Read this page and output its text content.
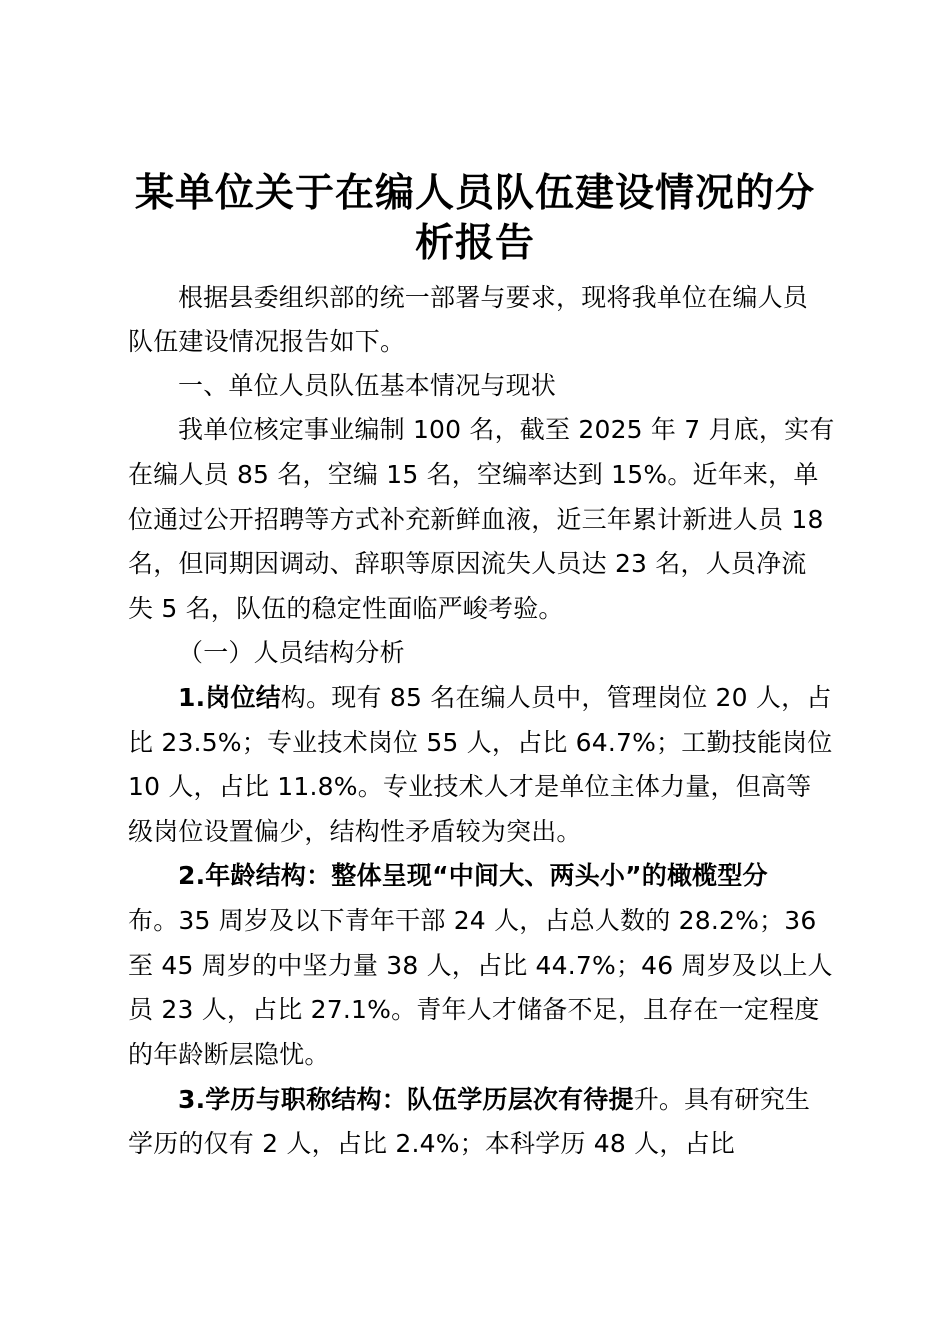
某单位关于在编人员队伍建设情况的分
析报告
根据县委组织部的统一部署与要求，现将我单位在编人员
队伍建设情况报告如下。
一、单位人员队伍基本情况与现状
我单位核定事业编制 100 名，截至 2025 年 7 月底，实有
在编人员 85 名，空编 15 名，空编率达到 15%。近年来，单
位通过公开招聘等方式补充新鲜血液，近三年累计新进人员 18
名，但同期因调动、辞职等原因流失人员达 23 名，人员净流
失 5 名，队伍的稳定性面临严峻考验。
（一）人员结构分析
1.岗位结构。现有 85 名在编人员中，管理岗位 20 人，占
比 23.5%；专业技术岗位 55 人，占比 64.7%；工勤技能岗位
10 人，占比 11.8%。专业技术人才是单位主体力量，但高等
级岗位设置偏少，结构性矛盾较为突出。
2.年龄结构：整体呈现“中间大、两头小”的橄榄型分
布。35 周岁及以下青年干部 24 人，占总人数的 28.2%；36
至 45 周岁的中坚力量 38 人，占比 44.7%；46 周岁及以上人
员 23 人，占比 27.1%。青年人才储备不足，且存在一定程度
的年龄断层隐忧。
3.学历与职称结构：队伍学历层次有待提升。具有研究生
学历的仅有 2 人，占比 2.4%；本科学历 48 人，占比
